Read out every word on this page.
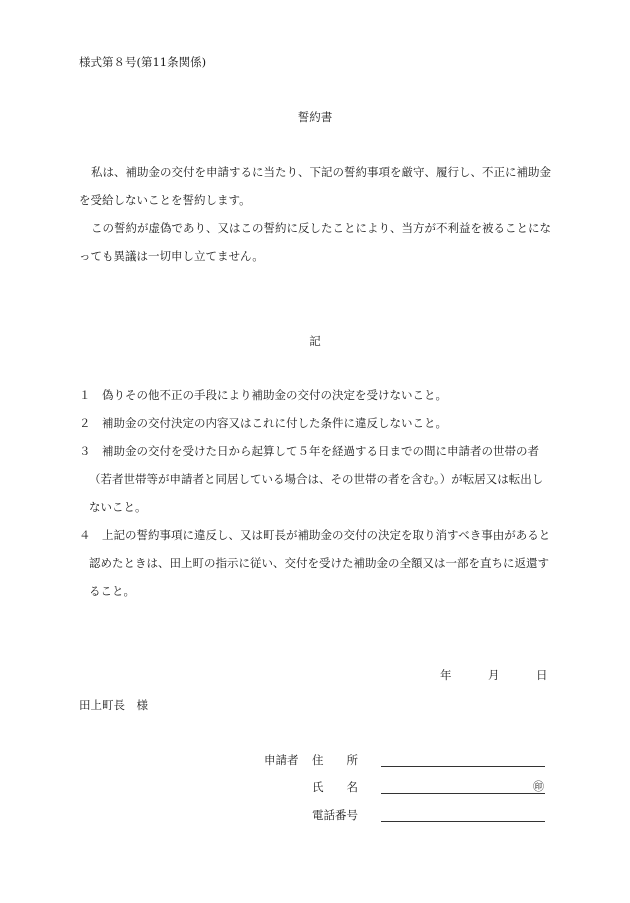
様式第８号(第11条関係)
誓約書
私は、補助金の交付を申請するに当たり、下記の誓約事項を厳守、履行し、不正に補助金を受給しないことを誓約します。
この誓約が虚偽であり、又はこの誓約に反したことにより、当方が不利益を被ることになっても異議は一切申し立てません。
記
１	偽りその他不正の手段により補助金の交付の決定を受けないこと。
２	補助金の交付決定の内容又はこれに付した条件に違反しないこと。
３	補助金の交付を受けた日から起算して５年を経過する日までの間に申請者の世帯の者（若者世帯等が申請者と同居している場合は、その世帯の者を含む｡）が転居又は転出しないこと。
４	上記の誓約事項に違反し、又は町長が補助金の交付の決定を取り消すべき事由があると認めたときは、田上町の指示に従い、交付を受けた補助金の全額又は一部を直ちに返還すること。
年	月	日
田上町長　様
申請者 住　　所
氏　　名	㊞
電話番号
